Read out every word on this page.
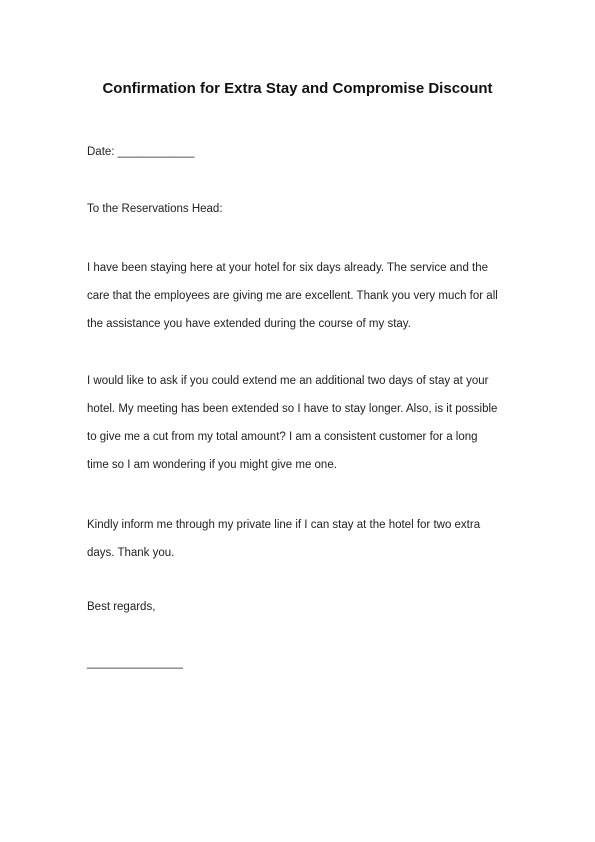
Confirmation for Extra Stay and Compromise Discount
Date: ____________
To the Reservations Head:
I have been staying here at your hotel for six days already. The service and the
care that the employees are giving me are excellent. Thank you very much for all
the assistance you have extended during the course of my stay.
I would like to ask if you could extend me an additional two days of stay at your
hotel. My meeting has been extended so I have to stay longer. Also, is it possible
to give me a cut from my total amount? I am a consistent customer for a long
time so I am wondering if you might give me one.
Kindly inform me through my private line if I can stay at the hotel for two extra
days. Thank you.
Best regards,
_______________
